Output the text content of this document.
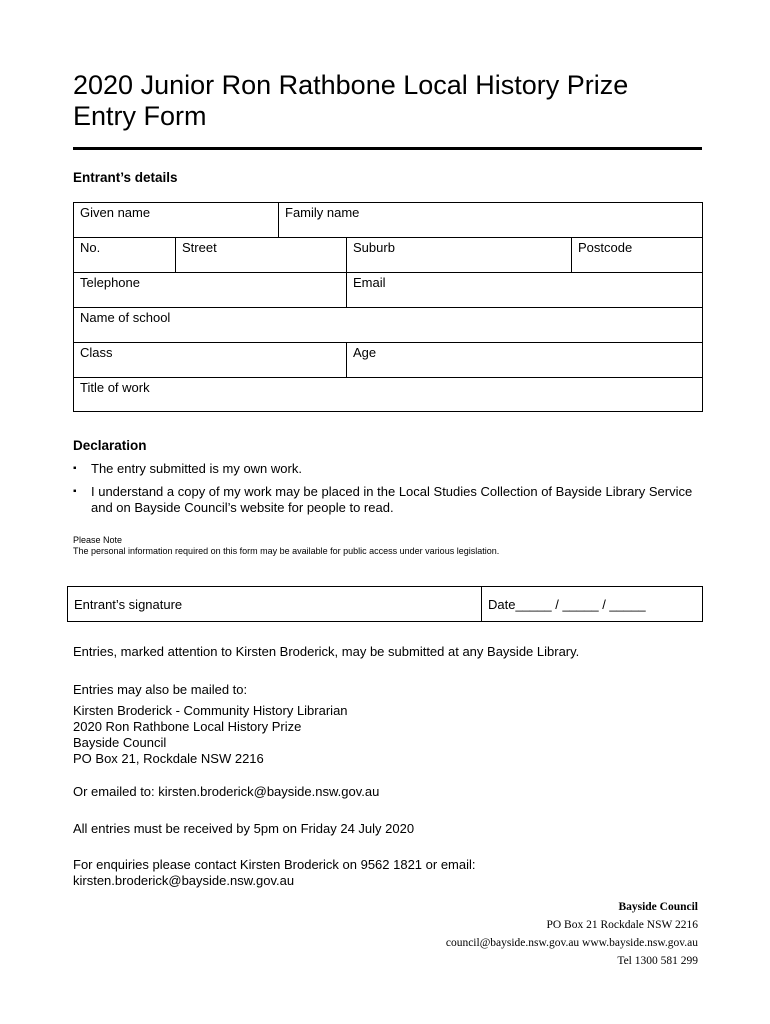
2020 Junior Ron Rathbone Local History Prize
Entry Form
Entrant’s details
Given name	Family name
No.	Street	Suburb	Postcode
Telephone	Email
Name of school
Class	Age
Title of work
Declaration
▪ The entry submitted is my own work.
▪ I understand a copy of my work may be placed in the Local Studies Collection of Bayside Library Service and on Bayside Council’s website for people to read.
Please Note
The personal information required on this form may be available for public access under various legislation.
Entrant’s signature	Date_____ / _____ / _____

Entries, marked attention to Kirsten Broderick, may be submitted at any Bayside Library.

Entries may also be mailed to:

Kirsten Broderick - Community History Librarian
2020 Ron Rathbone Local History Prize
Bayside Council
PO Box 21, Rockdale NSW 2216

Or emailed to: kirsten.broderick@bayside.nsw.gov.au

All entries must be received by 5pm on Friday 24 July 2020

For enquiries please contact Kirsten Broderick on 9562 1821 or email:
kirsten.broderick@bayside.nsw.gov.au
Bayside Council
PO Box 21 Rockdale NSW 2216
council@bayside.nsw.gov.au www.bayside.nsw.gov.au
Tel 1300 581 299
